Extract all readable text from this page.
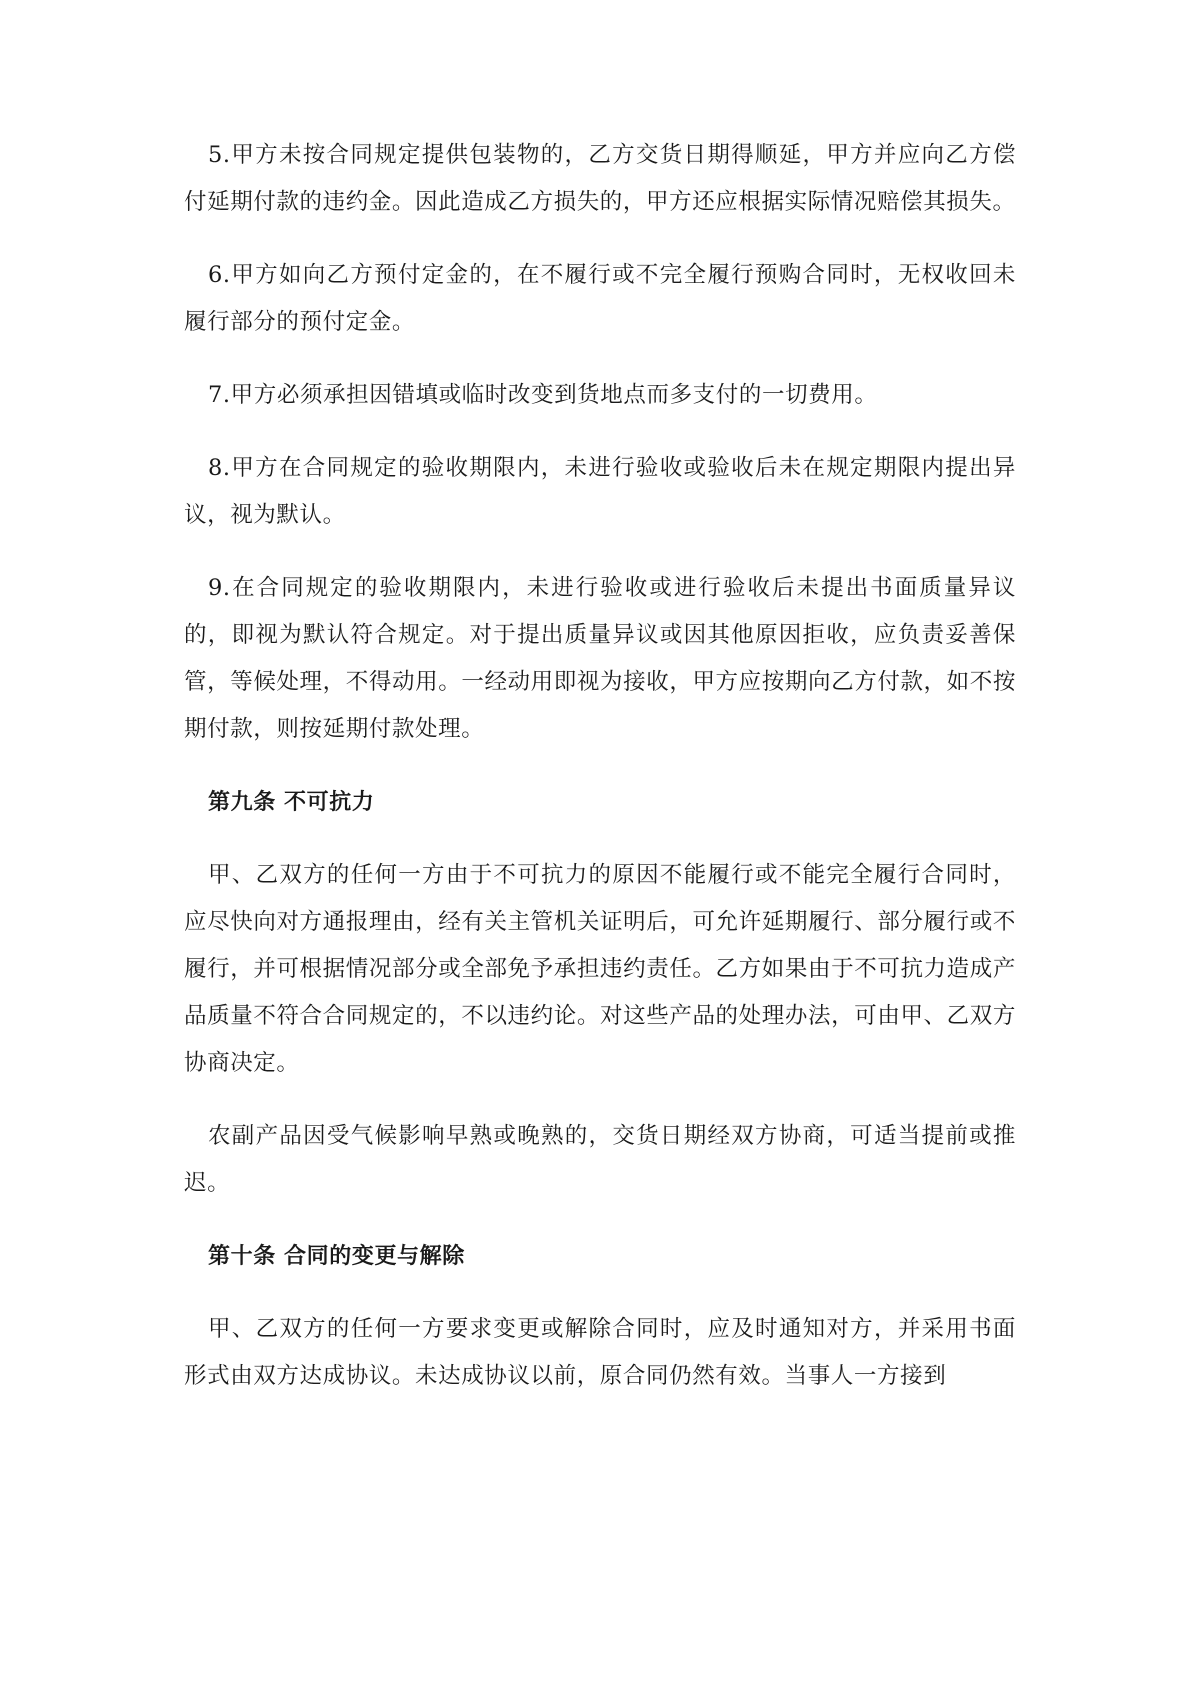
5.甲方未按合同规定提供包装物的，乙方交货日期得顺延，甲方并应向乙方偿付延期付款的违约金。因此造成乙方损失的，甲方还应根据实际情况赔偿其损失。

6.甲方如向乙方预付定金的，在不履行或不完全履行预购合同时，无权收回未履行部分的预付定金。

7.甲方必须承担因错填或临时改变到货地点而多支付的一切费用。

8.甲方在合同规定的验收期限内，未进行验收或验收后未在规定期限内提出异议，视为默认。

9.在合同规定的验收期限内，未进行验收或进行验收后未提出书面质量异议的，即视为默认符合规定。对于提出质量异议或因其他原因拒收，应负责妥善保管，等候处理，不得动用。一经动用即视为接收，甲方应按期向乙方付款，如不按期付款，则按延期付款处理。

第九条 不可抗力

甲、乙双方的任何一方由于不可抗力的原因不能履行或不能完全履行合同时，应尽快向对方通报理由，经有关主管机关证明后，可允许延期履行、部分履行或不履行，并可根据情况部分或全部免予承担违约责任。乙方如果由于不可抗力造成产品质量不符合合同规定的，不以违约论。对这些产品的处理办法，可由甲、乙双方协商决定。

农副产品因受气候影响早熟或晚熟的，交货日期经双方协商，可适当提前或推迟。

第十条 合同的变更与解除

甲、乙双方的任何一方要求变更或解除合同时，应及时通知对方，并采用书面形式由双方达成协议。未达成协议以前，原合同仍然有效。当事人一方接到
